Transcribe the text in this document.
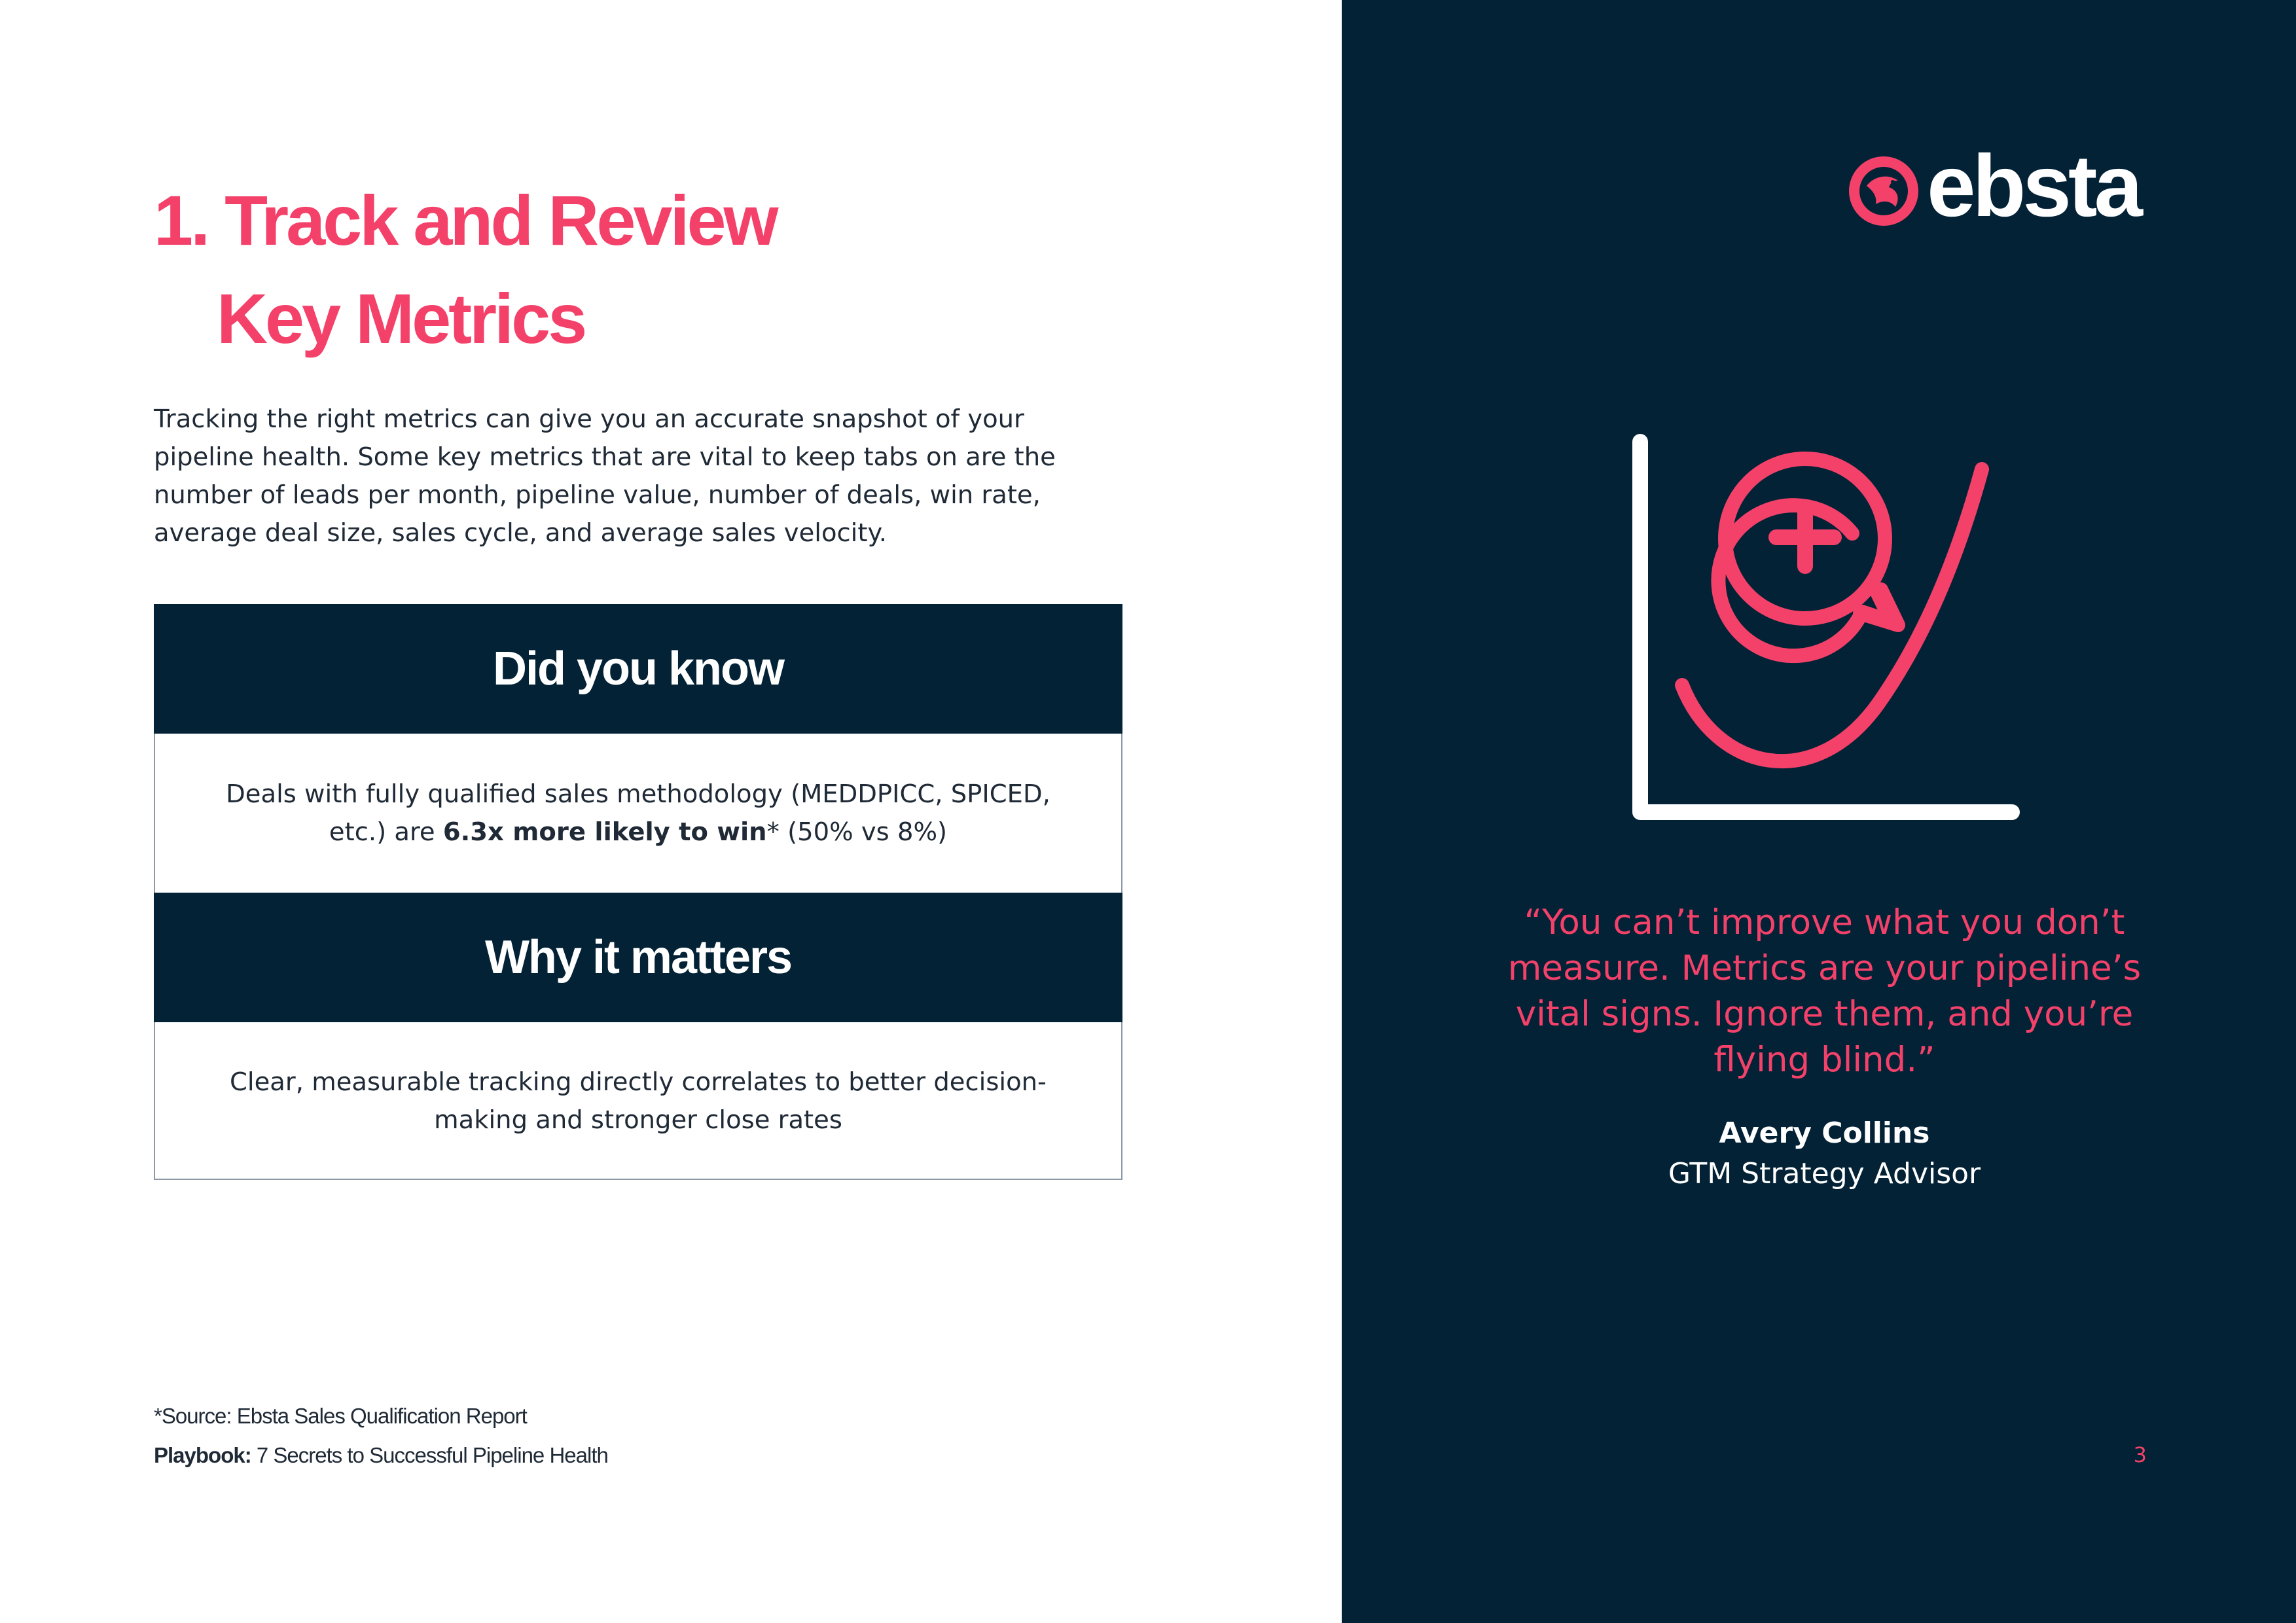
1. Track and Review
Key Metrics

Tracking the right metrics can give you an accurate snapshot of your pipeline health. Some key metrics that are vital to keep tabs on are the number of leads per month, pipeline value, number of deals, win rate, average deal size, sales cycle, and average sales velocity.

Did you know

Deals with fully qualified sales methodology (MEDDPICC, SPICED, etc.) are 6.3x more likely to win* (50% vs 8%)

Why it matters

Clear, measurable tracking directly correlates to better decision-making and stronger close rates

*Source: Ebsta Sales Qualification Report

Playbook: 7 Secrets to Successful Pipeline Health

ebsta

“You can’t improve what you don’t measure. Metrics are your pipeline’s vital signs. Ignore them, and you’re flying blind.”

Avery Collins

GTM Strategy Advisor

3
